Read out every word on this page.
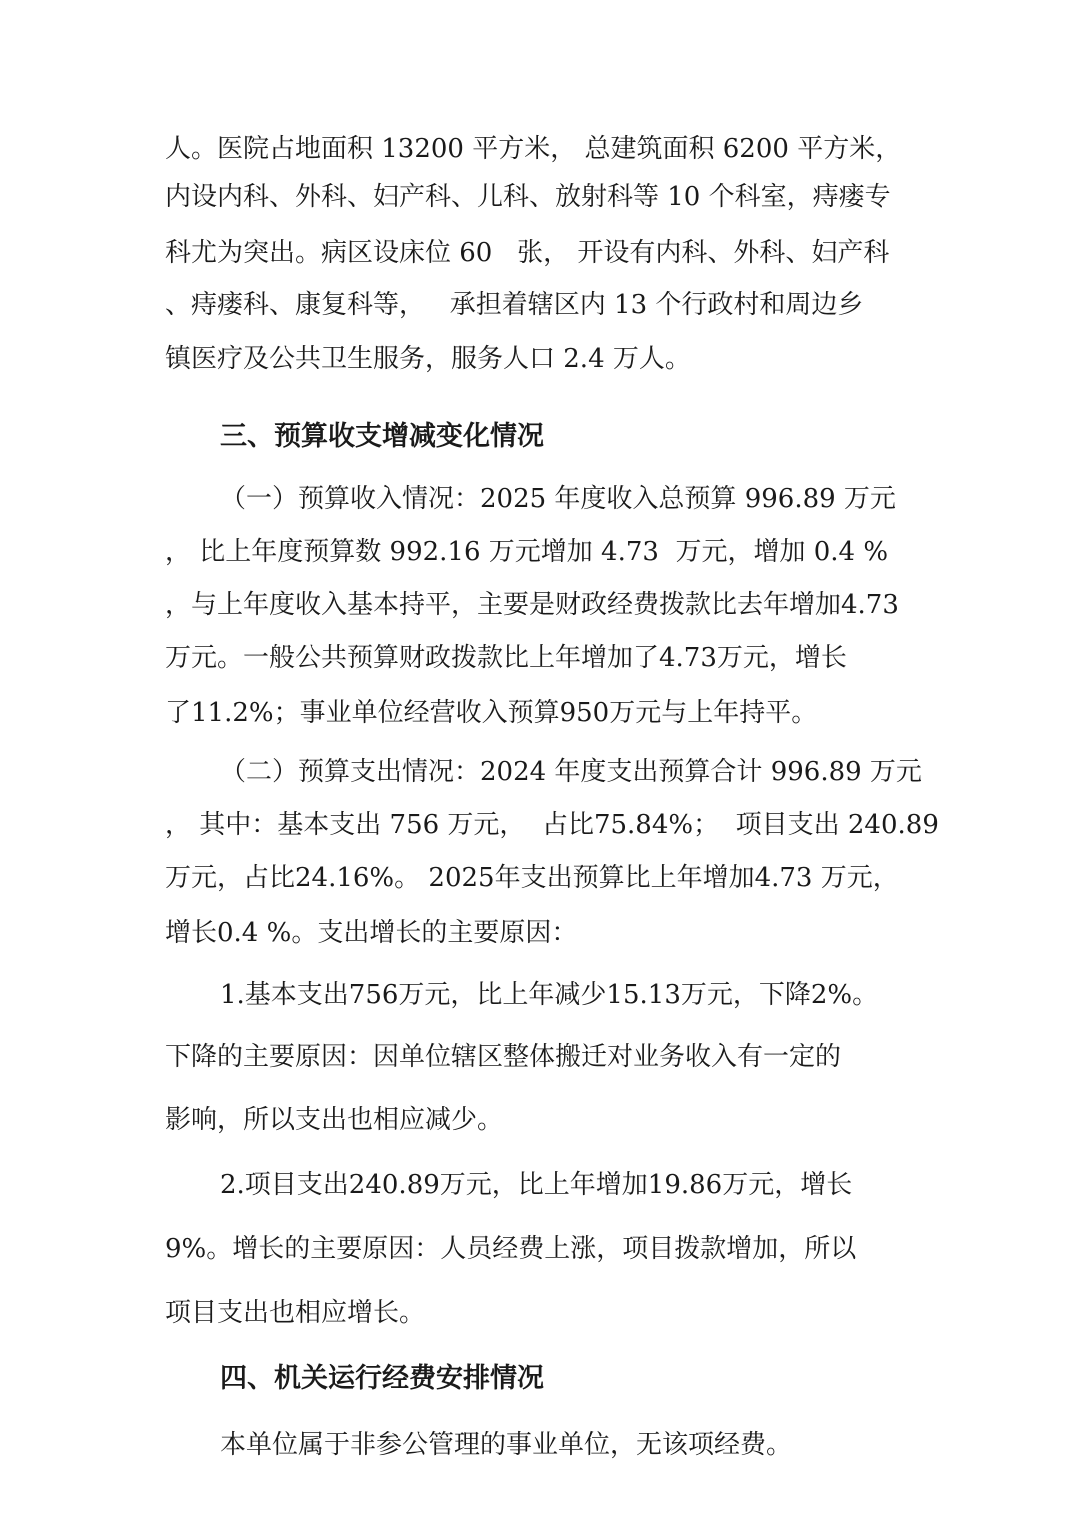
人。医院占地面积 13200 平方米， 总建筑面积 6200 平方米，
内设内科、外科、妇产科、儿科、放射科等 10 个科室，痔瘘专
科尤为突出。病区设床位 60   张， 开设有内科、外科、妇产科
、痔瘘科、康复科等，   承担着辖区内 13 个行政村和周边乡
镇医疗及公共卫生服务，服务人口 2.4 万人。
三、预算收支增减变化情况
（一）预算收入情况：2025 年度收入总预算 996.89 万元
， 比上年度预算数 992.16 万元增加 4.73  万元，增加 0.4 %
，与上年度收入基本持平，主要是财政经费拨款比去年增加4.73
万元。一般公共预算财政拨款比上年增加了4.73万元，增长
了11.2%；事业单位经营收入预算950万元与上年持平。
（二）预算支出情况：2024 年度支出预算合计 996.89 万元
， 其中：基本支出 756 万元，  占比75.84%；  项目支出 240.89
万元，占比24.16%。 2025年支出预算比上年增加4.73 万元，
增长0.4 %。支出增长的主要原因：
1.基本支出756万元，比上年减少15.13万元，下降2%。
下降的主要原因：因单位辖区整体搬迁对业务收入有一定的
影响，所以支出也相应减少。
2.项目支出240.89万元，比上年增加19.86万元，增长
9%。增长的主要原因：人员经费上涨，项目拨款增加，所以
项目支出也相应增长。
四、机关运行经费安排情况
本单位属于非参公管理的事业单位，无该项经费。
